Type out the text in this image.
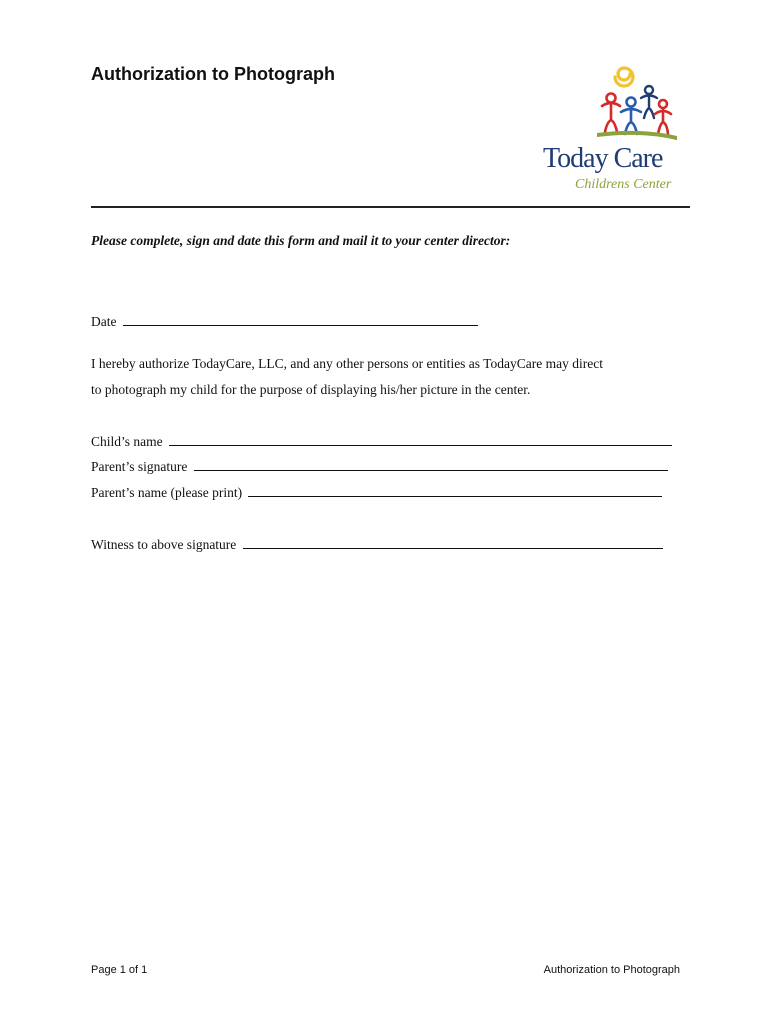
Authorization to Photograph

Today Care

Childrens Center

Please complete, sign and date this form and mail it to your center director:

Date

I hereby authorize TodayCare, LLC, and any other persons or entities as TodayCare may direct

to photograph my child for the purpose of displaying his/her picture in the center.

Child’s name
Parent’s signature
Parent’s name (please print)
Witness to above signature

Page 1 of 1	Authorization to Photograph
